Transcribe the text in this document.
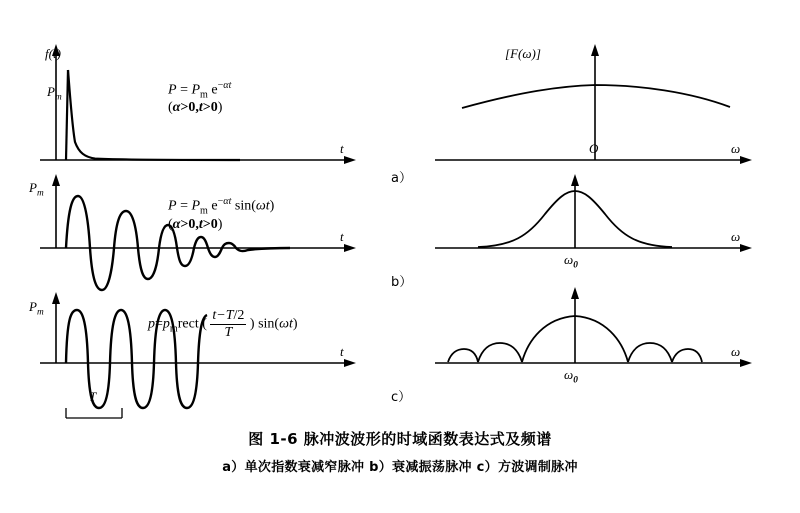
f(t)
$P_m$
t
$P = P_m$ $e^{-\alpha t}$
(α>0,t>0)
[F(ω)]
O	ω
a）
$P_m$
t
$P = P_m$ $e^{-\alpha t}$ sin(ωt)
(α>0,t>0)
$\omega_0$
ω
b）
$P_m$
t
T
$p=p_mrect$ ( $\frac{t-T/2}{T}$ ) sin(ωt)
$\omega_0$
ω
c）
图 1-6 脉冲波波形的时域函数表达式及频谱
a）单次指数衰减窄脉冲 b）衰减振荡脉冲 c）方波调制脉冲
